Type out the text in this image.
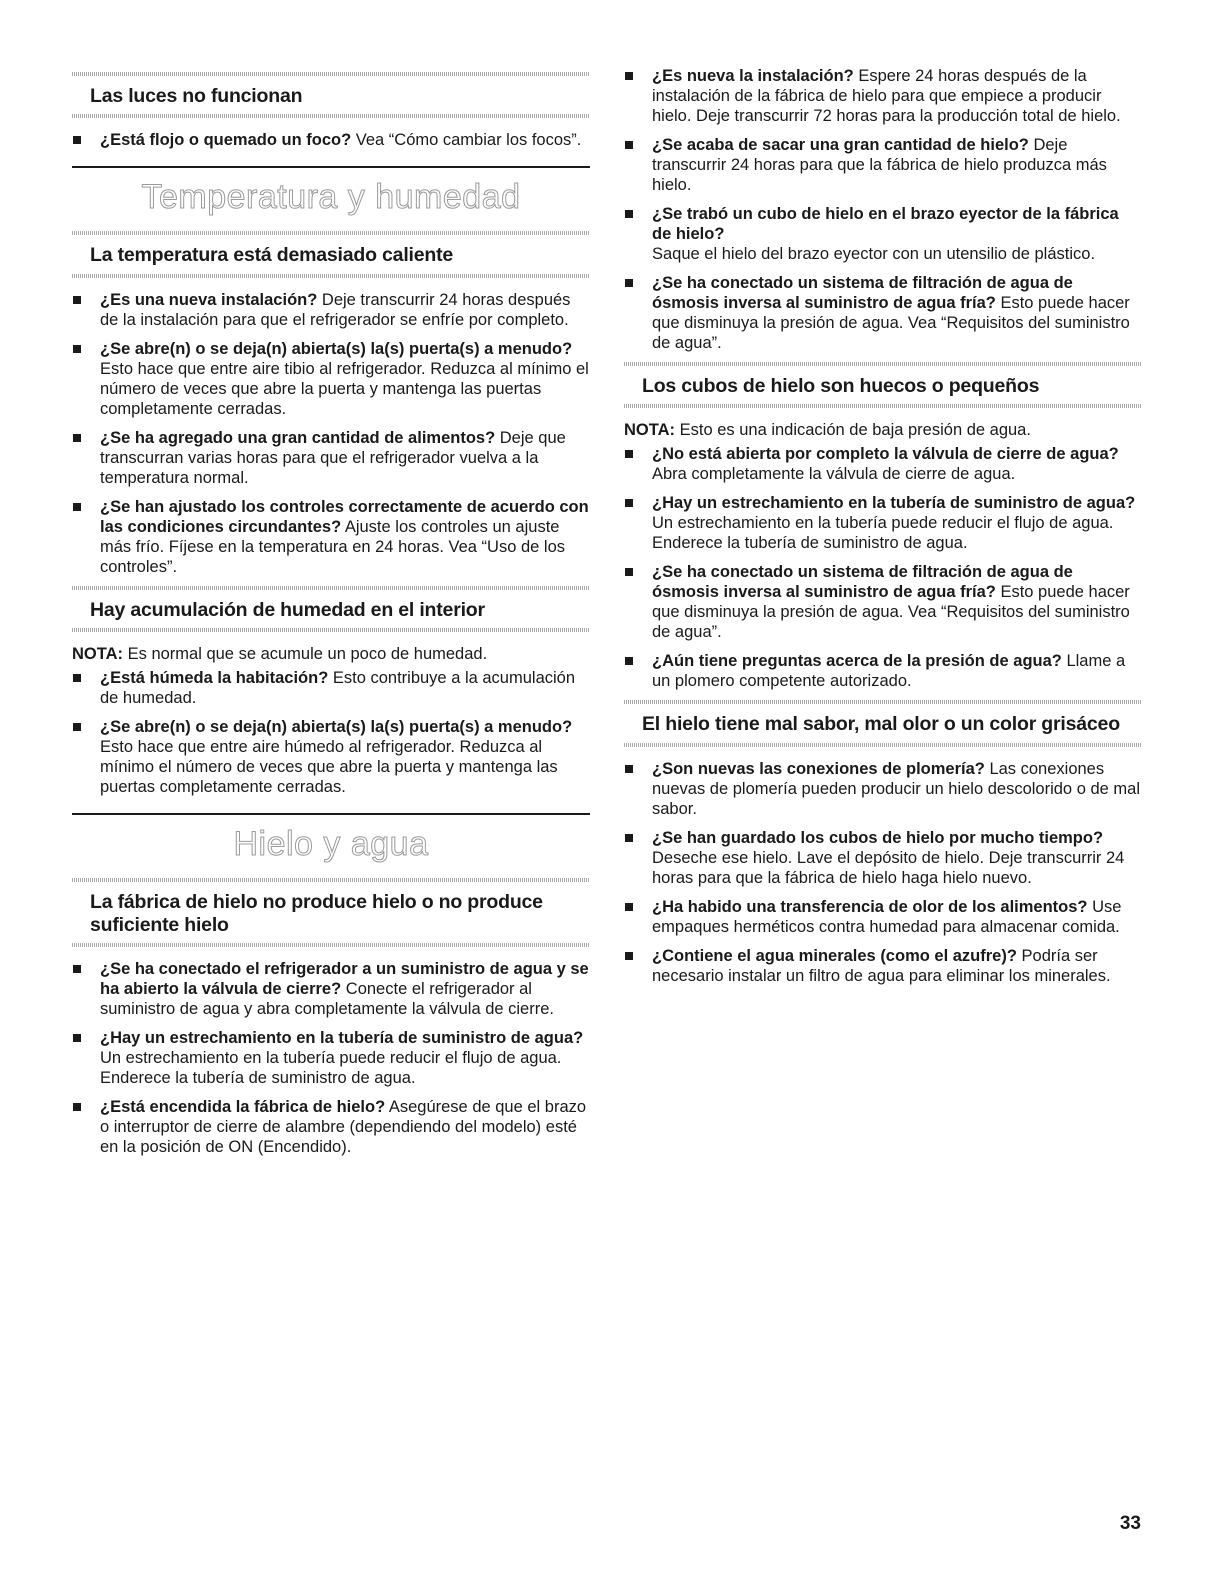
Las luces no funcionan
¿Está flojo o quemado un foco? Vea “Cómo cambiar los focos”.
Temperatura y humedad
La temperatura está demasiado caliente
¿Es una nueva instalación? Deje transcurrir 24 horas después de la instalación para que el refrigerador se enfríe por completo.
¿Se abre(n) o se deja(n) abierta(s) la(s) puerta(s) a menudo? Esto hace que entre aire tibio al refrigerador. Reduzca al mínimo el número de veces que abre la puerta y mantenga las puertas completamente cerradas.
¿Se ha agregado una gran cantidad de alimentos? Deje que transcurran varias horas para que el refrigerador vuelva a la temperatura normal.
¿Se han ajustado los controles correctamente de acuerdo con las condiciones circundantes? Ajuste los controles un ajuste más frío. Fíjese en la temperatura en 24 horas. Vea “Uso de los controles”.
Hay acumulación de humedad en el interior

NOTA: Es normal que se acumule un poco de humedad.

¿Está húmeda la habitación? Esto contribuye a la acumulación de humedad.
¿Se abre(n) o se deja(n) abierta(s) la(s) puerta(s) a menudo? Esto hace que entre aire húmedo al refrigerador. Reduzca al mínimo el número de veces que abre la puerta y mantenga las puertas completamente cerradas.
Hielo y agua
La fábrica de hielo no produce hielo o no produce suficiente hielo
¿Se ha conectado el refrigerador a un suministro de agua y se ha abierto la válvula de cierre? Conecte el refrigerador al suministro de agua y abra completamente la válvula de cierre.
¿Hay un estrechamiento en la tubería de suministro de agua? Un estrechamiento en la tubería puede reducir el flujo de agua. Enderece la tubería de suministro de agua.
¿Está encendida la fábrica de hielo? Asegúrese de que el brazo o interruptor de cierre de alambre (dependiendo del modelo) esté en la posición de ON (Encendido).
¿Es nueva la instalación? Espere 24 horas después de la instalación de la fábrica de hielo para que empiece a producir hielo. Deje transcurrir 72 horas para la producción total de hielo.
¿Se acaba de sacar una gran cantidad de hielo? Deje transcurrir 24 horas para que la fábrica de hielo produzca más hielo.
¿Se trabó un cubo de hielo en el brazo eyector de la fábrica de hielo?
Saque el hielo del brazo eyector con un utensilio de plástico.
¿Se ha conectado un sistema de filtración de agua de ósmosis inversa al suministro de agua fría? Esto puede hacer que disminuya la presión de agua. Vea “Requisitos del suministro de agua”.
Los cubos de hielo son huecos o pequeños

NOTA: Esto es una indicación de baja presión de agua.

¿No está abierta por completo la válvula de cierre de agua? Abra completamente la válvula de cierre de agua.
¿Hay un estrechamiento en la tubería de suministro de agua? Un estrechamiento en la tubería puede reducir el flujo de agua. Enderece la tubería de suministro de agua.
¿Se ha conectado un sistema de filtración de agua de ósmosis inversa al suministro de agua fría? Esto puede hacer que disminuya la presión de agua. Vea “Requisitos del suministro de agua”.
¿Aún tiene preguntas acerca de la presión de agua? Llame a un plomero competente autorizado.
El hielo tiene mal sabor, mal olor o un color grisáceo
¿Son nuevas las conexiones de plomería? Las conexiones nuevas de plomería pueden producir un hielo descolorido o de mal sabor.
¿Se han guardado los cubos de hielo por mucho tiempo? Deseche ese hielo. Lave el depósito de hielo. Deje transcurrir 24 horas para que la fábrica de hielo haga hielo nuevo.
¿Ha habido una transferencia de olor de los alimentos? Use empaques herméticos contra humedad para almacenar comida.
¿Contiene el agua minerales (como el azufre)? Podría ser necesario instalar un filtro de agua para eliminar los minerales.
33
